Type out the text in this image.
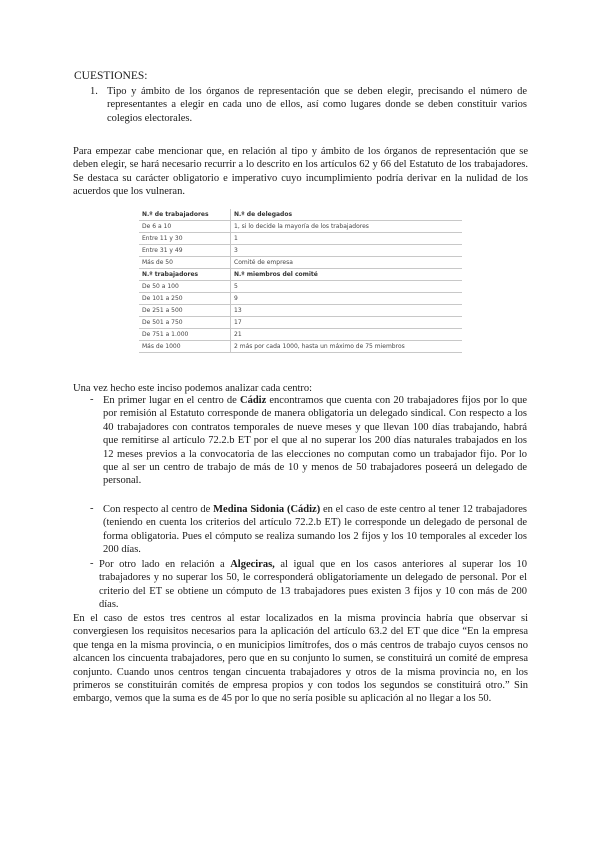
CUESTIONES:
1. Tipo y ámbito de los órganos de representación que se deben elegir, precisando el número de representantes a elegir en cada uno de ellos, así como lugares donde se deben constituir varios colegios electorales.
Para empezar cabe mencionar que, en relación al tipo y ámbito de los órganos de representación que se deben elegir, se hará necesario recurrir a lo descrito en los artículos 62 y 66 del Estatuto de los trabajadores. Se destaca su carácter obligatorio e imperativo cuyo incumplimiento podría derivar en la nulidad de los acuerdos que los vulneran.
N.º de trabajadores	N.º de delegados
De 6 a 10	1, si lo decide la mayoría de los trabajadores
Entre 11 y 30	1
Entre 31 y 49	3
Más de 50	Comité de empresa
N.º trabajadores	N.º miembros del comité
De 50 a 100	5
De 101 a 250	9
De 251 a 500	13
De 501 a 750	17
De 751 a 1.000	21
Más de 1000	2 más por cada 1000, hasta un máximo de 75 miembros
Una vez hecho este inciso podemos analizar cada centro:
- En primer lugar en el centro de Cádiz encontramos que cuenta con 20 trabajadores fijos por lo que por remisión al Estatuto corresponde de manera obligatoria un delegado sindical. Con respecto a los 40 trabajadores con contratos temporales de nueve meses y que llevan 100 días trabajando, habrá que remitirse al artículo 72.2.b ET por el que al no superar los 200 días naturales trabajados en los 12 meses previos a la convocatoria de las elecciones no computan como un trabajador fijo. Por lo que al ser un centro de trabajo de más de 10 y menos de 50 trabajadores poseerá un delegado de personal.
- Con respecto al centro de Medina Sidonia (Cádiz) en el caso de este centro al tener 12 trabajadores (teniendo en cuenta los criterios del artículo 72.2.b ET) le corresponde un delegado de personal de forma obligatoria. Pues el cómputo se realiza sumando los 2 fijos y los 10 temporales al exceder los 200 días.
- Por otro lado en relación a Algeciras, al igual que en los casos anteriores al superar los 10 trabajadores y no superar los 50, le corresponderá obligatoriamente un delegado de personal. Por el criterio del ET se obtiene un cómputo de 13 trabajadores pues existen 3 fijos y 10 con más de 200 días.
En el caso de estos tres centros al estar localizados en la misma provincia habría que observar si convergiesen los requisitos necesarios para la aplicación del artículo 63.2 del ET que dice “En la empresa que tenga en la misma provincia, o en municipios limítrofes, dos o más centros de trabajo cuyos censos no alcancen los cincuenta trabajadores, pero que en su conjunto lo sumen, se constituirá un comité de empresa conjunto. Cuando unos centros tengan cincuenta trabajadores y otros de la misma provincia no, en los primeros se constituirán comités de empresa propios y con todos los segundos se constituirá otro.” Sin embargo, vemos que la suma es de 45 por lo que no sería posible su aplicación al no llegar a los 50.
